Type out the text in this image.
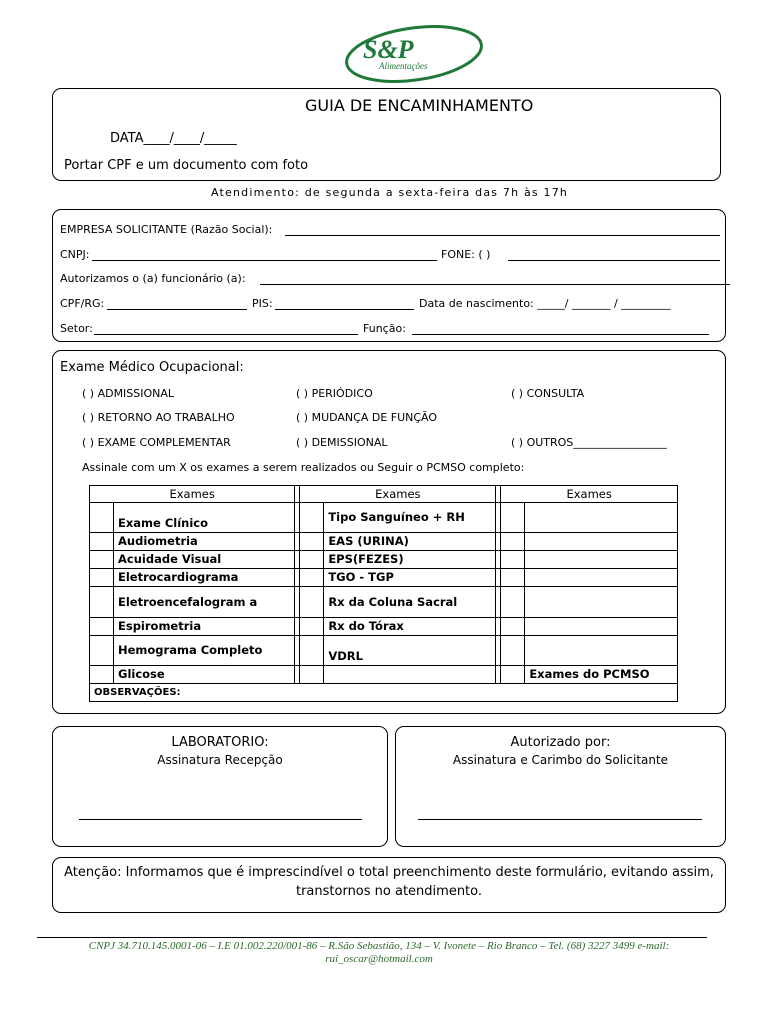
S&P
Alimentações
GUIA DE ENCAMINHAMENTO
DATA____/____/_____
Portar CPF e um documento com foto
Atendimento: de segunda a sexta-feira das 7h às 17h
EMPRESA SOLICITANTE (Razão Social):
CNPJ:	FONE: ( )
Autorizamos o (a) funcionário (a):
CPF/RG:	PIS:	Data de nascimento: _____/ _______ / _________
Setor:	Função:
Exame Médico Ocupacional:
( ) ADMISSIONAL	( ) PERIÓDICO	( ) CONSULTA
( ) RETORNO AO TRABALHO	( ) MUDANÇA DE FUNÇÃO
( ) EXAME COMPLEMENTAR	( ) DEMISSIONAL	( ) OUTROS_________________
Assinale com um X os exames a serem realizados ou Seguir o PCMSO completo:
Exames			Exames			Exames	
	Exame Clínico			Tipo Sanguíneo + RH			
	Audiometria			EAS (URINA)			
	Acuidade Visual			EPS(FEZES)			
	Eletrocardiograma			TGO - TGP			
	Eletroencefalogram a			Rx da Coluna Sacral			
	Espirometria			Rx do Tórax			
	Hemograma Completo			VDRL			
	Glicose						Exames do PCMSO
OBSERVAÇÕES:							
LABORATORIO:
Assinatura Recepção
Autorizado por:
Assinatura e Carimbo do Solicitante
Atenção: Informamos que é imprescindível o total preenchimento deste formulário, evitando assim, transtornos no atendimento.
CNPJ 34.710.145.0001-06 – I.E 01.002.220/001-86 – R.São Sebastião, 134 – V. Ivonete – Rio Branco – Tel. (68) 3227 3499 e-mail:
rui_oscar@hotmail.com
